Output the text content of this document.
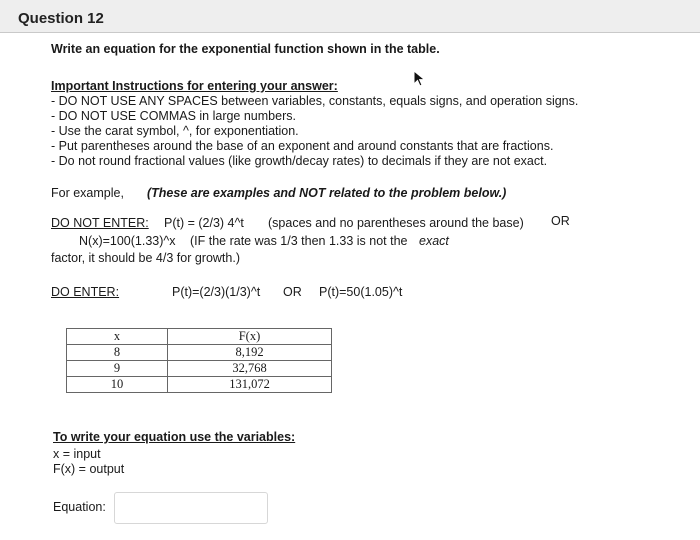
Question 12
Write an equation for the exponential function shown in the table.
Important Instructions for entering your answer:
- DO NOT USE ANY SPACES between variables, constants, equals signs, and operation signs.
- DO NOT USE COMMAS in large numbers.
- Use the carat symbol, ^, for exponentiation.
- Put parentheses around the base of an exponent and around constants that are fractions.
- Do not round fractional values (like growth/decay rates) to decimals if they are not exact.
For example, (These are examples and NOT related to the problem below.)
DO NOT ENTER: P(t) = (2/3) 4^t (spaces and no parentheses around the base) OR
N(x)=100(1.33)^x (IF the rate was 1/3 then 1.33 is not the exact
factor, it should be 4/3 for growth.)
DO ENTER:	P(t)=(2/3)(1/3)^t OR P(t)=50(1.05)^t
x	F(x)
8	8,192
9	32,768
10	131,072
To write your equation use the variables:
x = input
F(x) = output
Equation:
